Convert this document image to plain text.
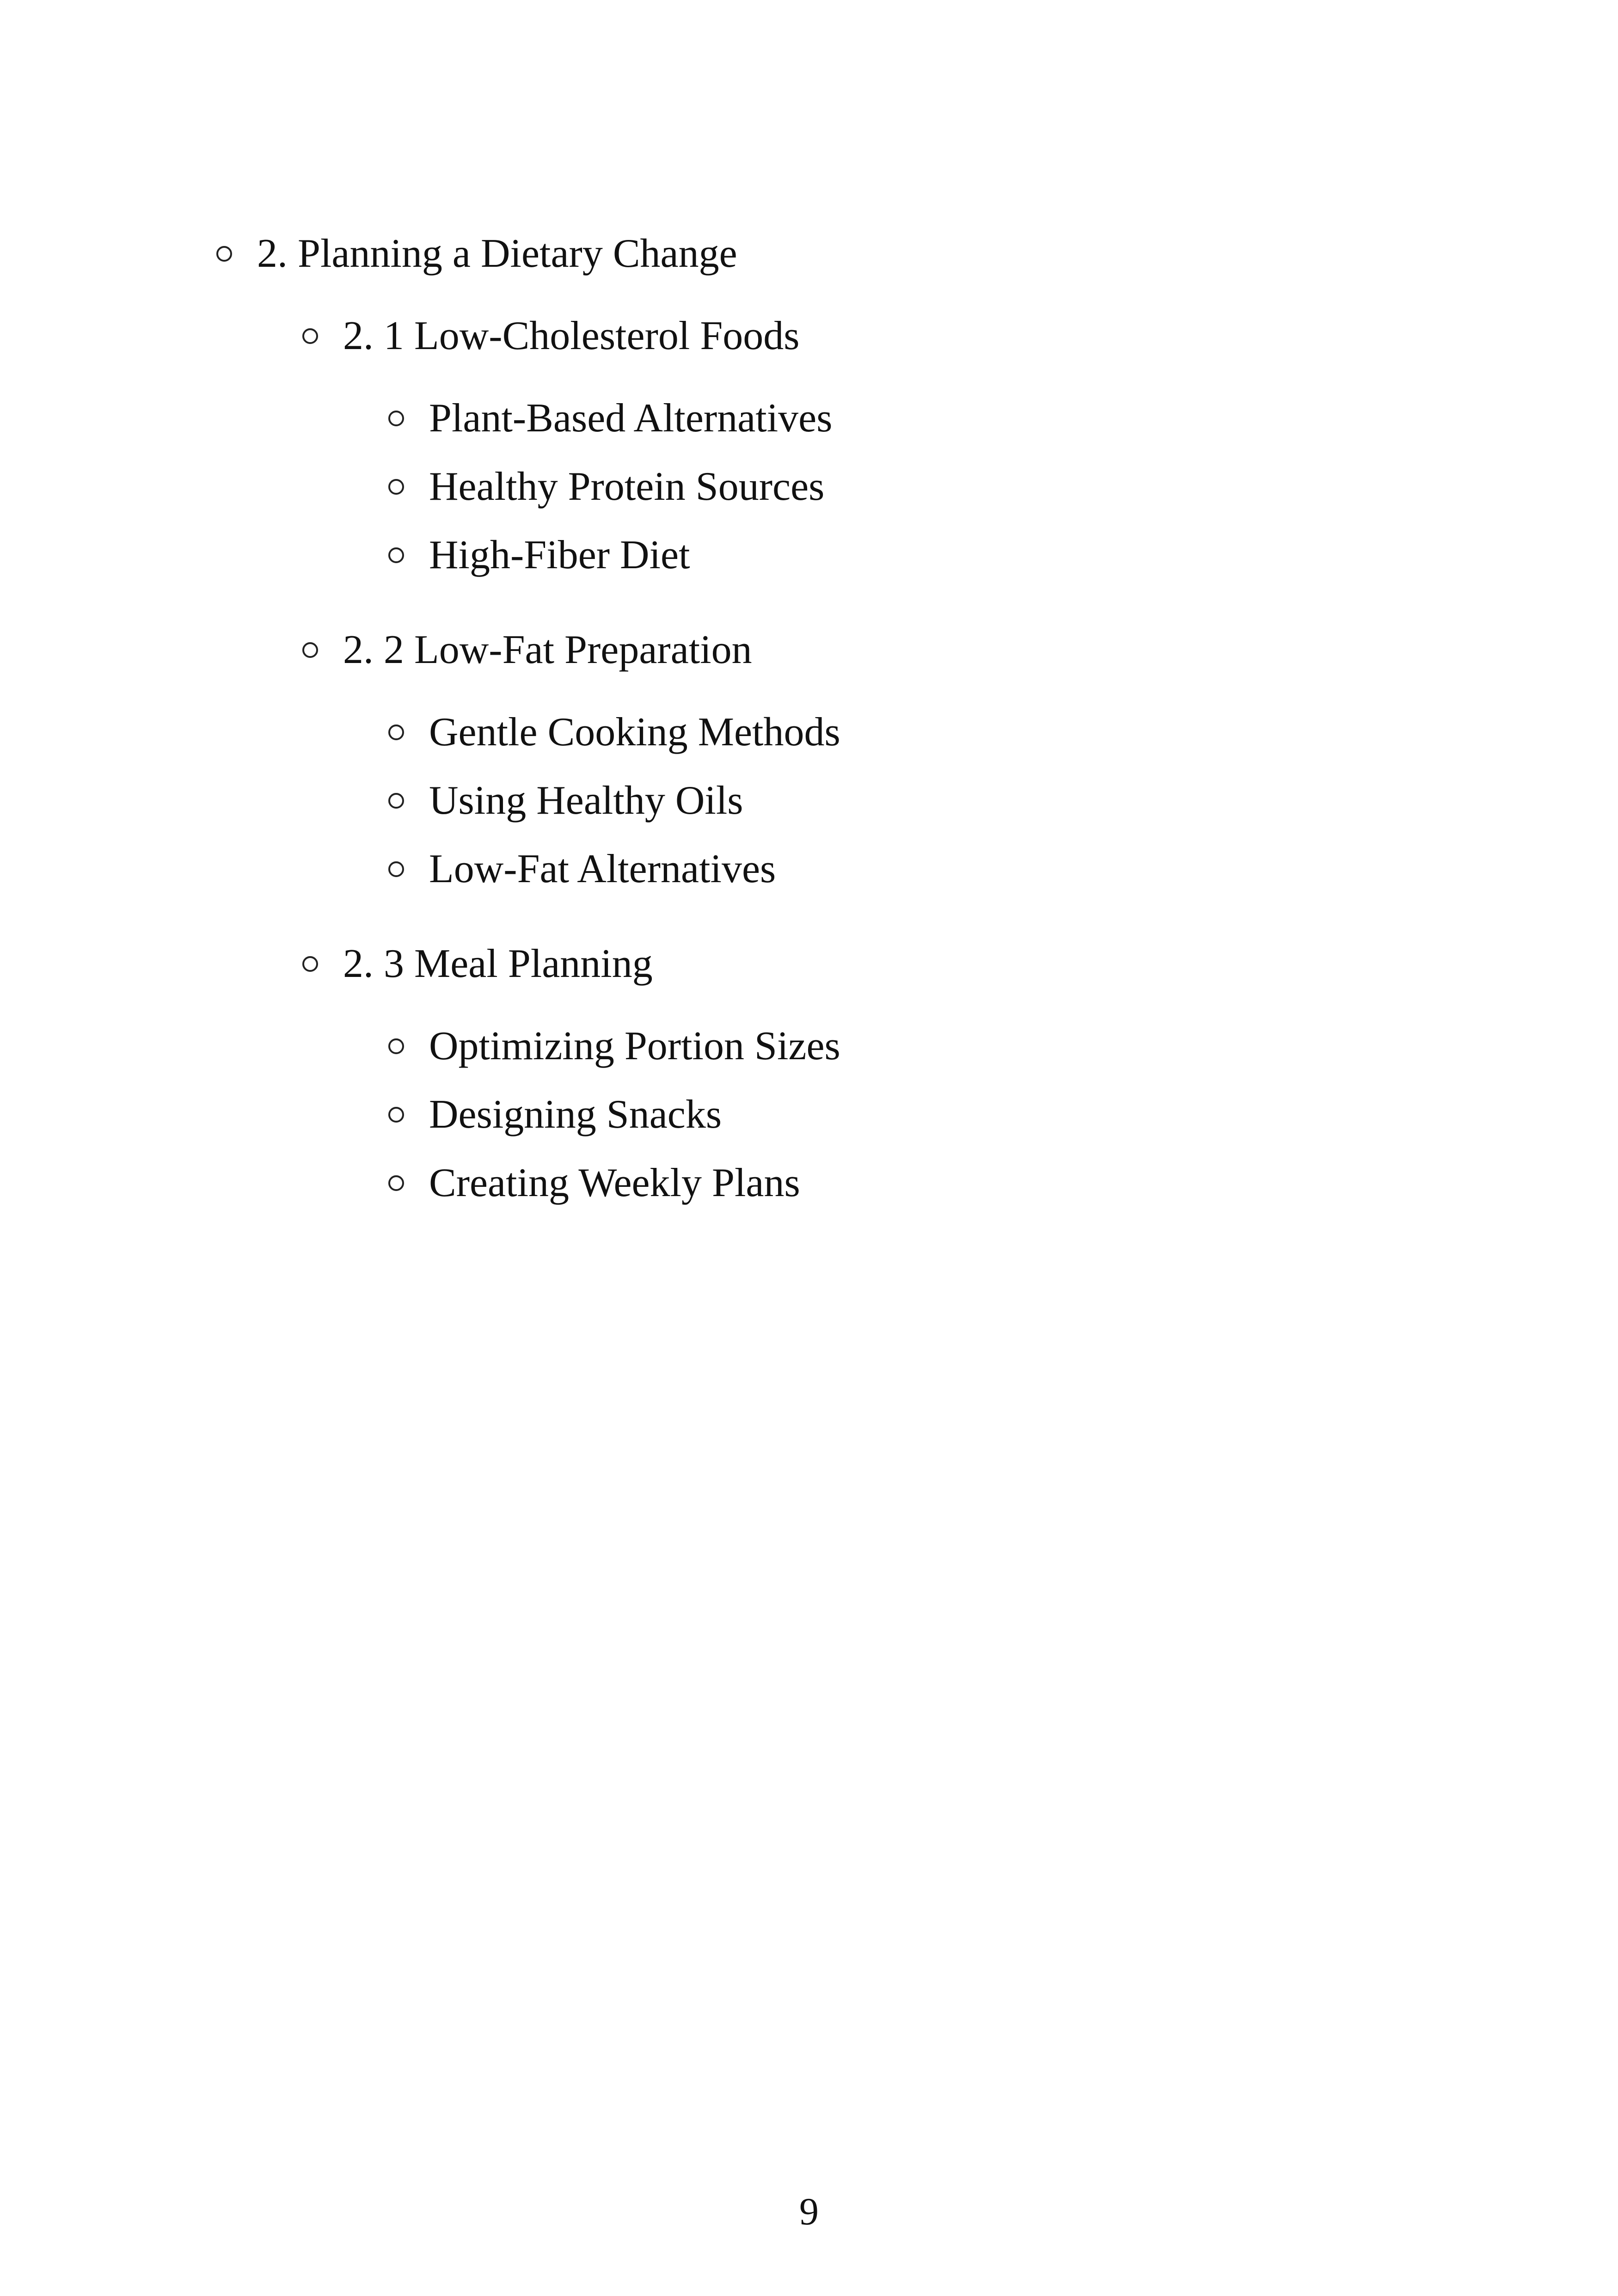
2. Planning a Dietary Change
2. 1 Low-Cholesterol Foods
Plant-Based Alternatives
Healthy Protein Sources
High-Fiber Diet
2. 2 Low-Fat Preparation
Gentle Cooking Methods
Using Healthy Oils
Low-Fat Alternatives
2. 3 Meal Planning
Optimizing Portion Sizes
Designing Snacks
Creating Weekly Plans
9
